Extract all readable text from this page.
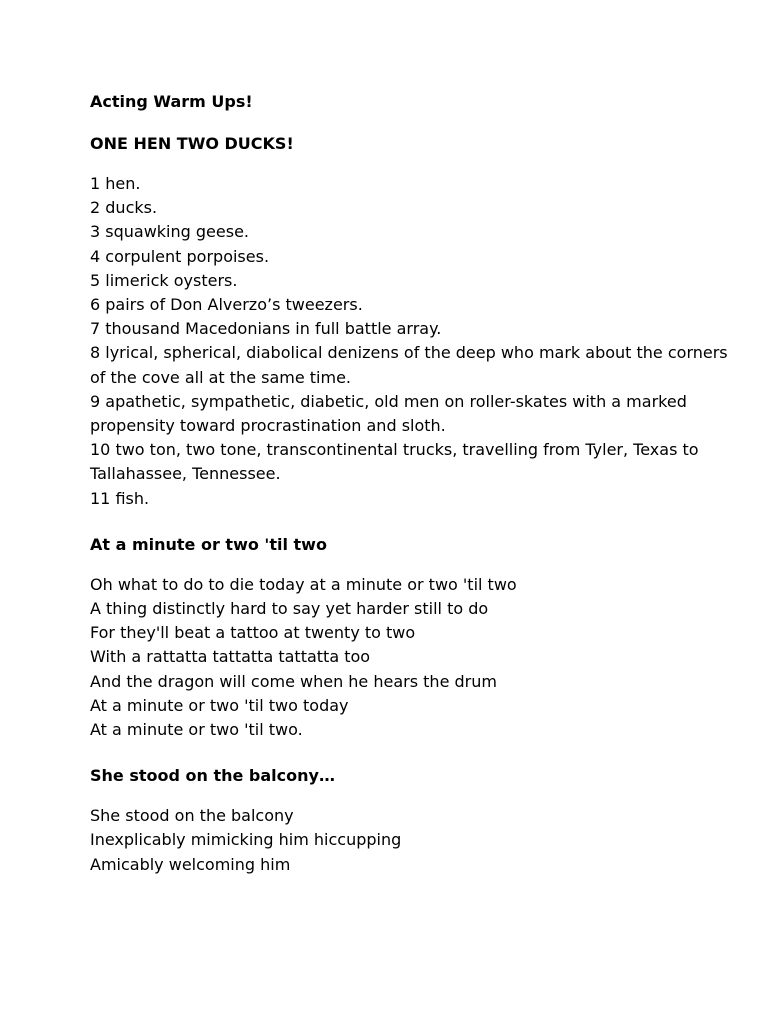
Acting Warm Ups!
ONE HEN TWO DUCKS!
1 hen.
2 ducks.
3 squawking geese.
4 corpulent porpoises.
5 limerick oysters.
6 pairs of Don Alverzo’s tweezers.
7 thousand Macedonians in full battle array.
8 lyrical, spherical, diabolical denizens of the deep who mark about the corners of the cove all at the same time.
9 apathetic, sympathetic, diabetic, old men on roller-skates with a marked propensity toward procrastination and sloth.
10 two ton, two tone, transcontinental trucks, travelling from Tyler, Texas to Tallahassee, Tennessee.
11 fish.
At a minute or two 'til two
Oh what to do to die today at a minute or two 'til two
A thing distinctly hard to say yet harder still to do
For they'll beat a tattoo at twenty to two
With a rattatta tattatta tattatta too
And the dragon will come when he hears the drum
At a minute or two 'til two today
At a minute or two 'til two.
She stood on the balcony…
She stood on the balcony
Inexplicably mimicking him hiccupping
Amicably welcoming him
